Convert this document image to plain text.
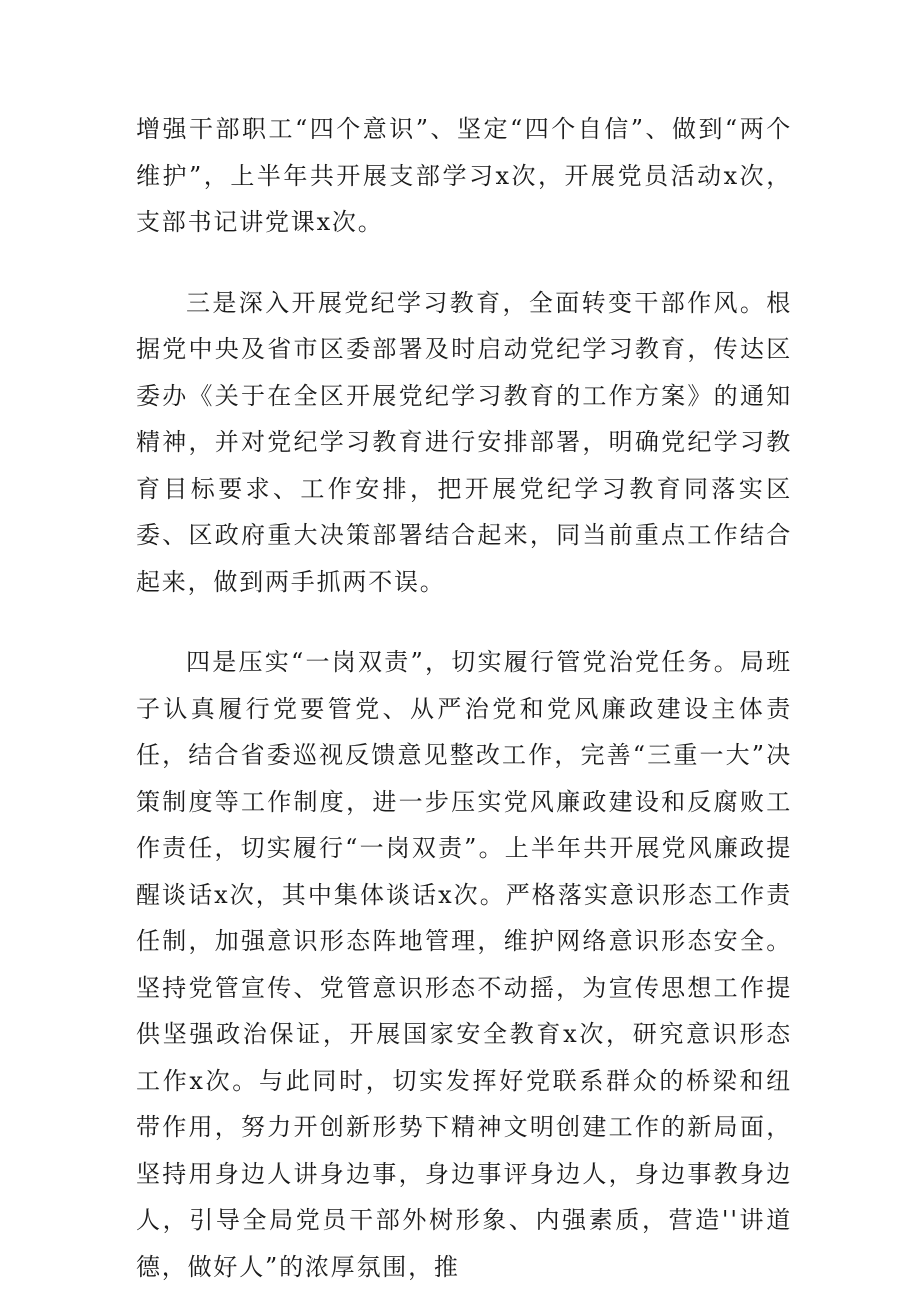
增强干部职工“四个意识”、坚定“四个自信”、做到“两个维护”，上半年共开展支部学习x次，开展党员活动x次，支部书记讲党课x次。

三是深入开展党纪学习教育，全面转变干部作风。根据党中央及省市区委部署及时启动党纪学习教育，传达区委办《关于在全区开展党纪学习教育的工作方案》的通知精神，并对党纪学习教育进行安排部署，明确党纪学习教育目标要求、工作安排，把开展党纪学习教育同落实区委、区政府重大决策部署结合起来，同当前重点工作结合起来，做到两手抓两不误。

四是压实“一岗双责”，切实履行管党治党任务。局班子认真履行党要管党、从严治党和党风廉政建设主体责任，结合省委巡视反馈意见整改工作，完善“三重一大”决策制度等工作制度，进一步压实党风廉政建设和反腐败工作责任，切实履行“一岗双责”。上半年共开展党风廉政提醒谈话x次，其中集体谈话x次。严格落实意识形态工作责任制，加强意识形态阵地管理，维护网络意识形态安全。坚持党管宣传、党管意识形态不动摇，为宣传思想工作提供坚强政治保证，开展国家安全教育x次，研究意识形态工作x次。与此同时，切实发挥好党联系群众的桥梁和纽带作用，努力开创新形势下精神文明创建工作的新局面，坚持用身边人讲身边事，身边事评身边人，身边事教身边人，引导全局党员干部外树形象、内强素质，营造''讲道德，做好人”的浓厚氛围，推
